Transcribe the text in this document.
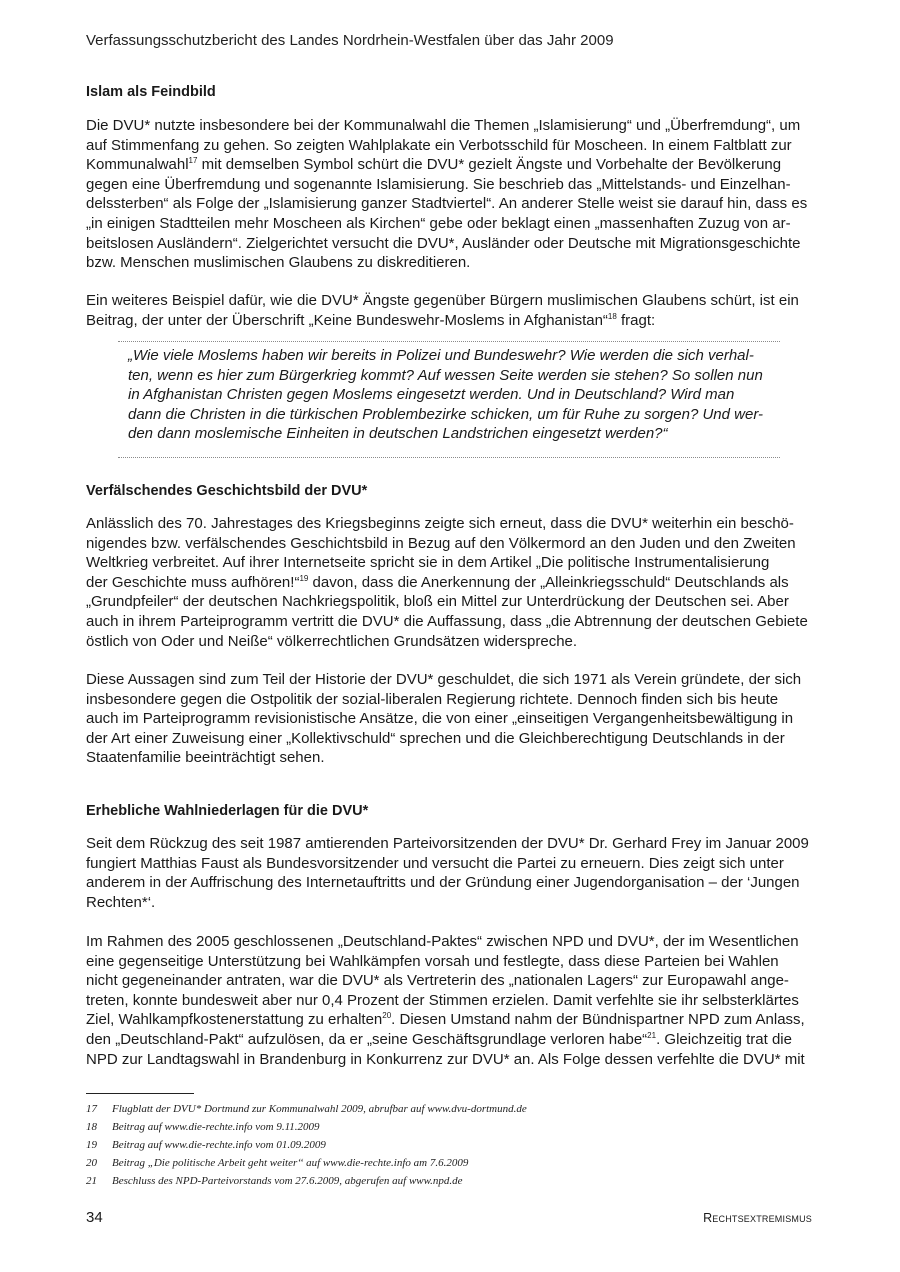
Verfassungsschutzbericht des Landes Nordrhein-Westfalen über das Jahr 2009
Islam als Feindbild
Die DVU* nutzte insbesondere bei der Kommunalwahl die Themen „Islamisierung“ und „Überfremdung“, um
auf Stimmenfang zu gehen. So zeigten Wahlplakate ein Verbotsschild für Moscheen. In einem Faltblatt zur
Kommunalwahl$^{17}$ mit demselben Symbol schürt die DVU* gezielt Ängste und Vorbehalte der Bevölkerung
gegen eine Überfremdung und sogenannte Islamisierung. Sie beschrieb das „Mittelstands- und Einzelhan-
delssterben“ als Folge der „Islamisierung ganzer Stadtviertel“. An anderer Stelle weist sie darauf hin, dass es
„in einigen Stadtteilen mehr Moscheen als Kirchen“ gebe oder beklagt einen „massenhaften Zuzug von ar-
beitslosen Ausländern“. Zielgerichtet versucht die DVU*, Ausländer oder Deutsche mit Migrationsgeschichte
bzw. Menschen muslimischen Glaubens zu diskreditieren.
Ein weiteres Beispiel dafür, wie die DVU* Ängste gegenüber Bürgern muslimischen Glaubens schürt, ist ein
Beitrag, der unter der Überschrift „Keine Bundeswehr-Moslems in Afghanistan“$^{18}$ fragt:
„Wie viele Moslems haben wir bereits in Polizei und Bundeswehr? Wie werden die sich verhal-
ten, wenn es hier zum Bürgerkrieg kommt? Auf wessen Seite werden sie stehen? So sollen nun
in Afghanistan Christen gegen Moslems eingesetzt werden. Und in Deutschland? Wird man
dann die Christen in die türkischen Problembezirke schicken, um für Ruhe zu sorgen? Und wer-
den dann moslemische Einheiten in deutschen Landstrichen eingesetzt werden?“
Verfälschendes Geschichtsbild der DVU*
Anlässlich des 70. Jahrestages des Kriegsbeginns zeigte sich erneut, dass die DVU* weiterhin ein beschö-
nigendes bzw. verfälschendes Geschichtsbild in Bezug auf den Völkermord an den Juden und den Zweiten
Weltkrieg verbreitet. Auf ihrer Internetseite spricht sie in dem Artikel „Die politische Instrumentalisierung
der Geschichte muss aufhören!“$^{19}$ davon, dass die Anerkennung der „Alleinkriegsschuld“ Deutschlands als
„Grundpfeiler“ der deutschen Nachkriegspolitik, bloß ein Mittel zur Unterdrückung der Deutschen sei. Aber
auch in ihrem Parteiprogramm vertritt die DVU* die Auffassung, dass „die Abtrennung der deutschen Gebiete
östlich von Oder und Neiße“ völkerrechtlichen Grundsätzen widerspreche.
Diese Aussagen sind zum Teil der Historie der DVU* geschuldet, die sich 1971 als Verein gründete, der sich
insbesondere gegen die Ostpolitik der sozial-liberalen Regierung richtete. Dennoch finden sich bis heute
auch im Parteiprogramm revisionistische Ansätze, die von einer „einseitigen Vergangenheitsbewältigung in
der Art einer Zuweisung einer „Kollektivschuld“ sprechen und die Gleichberechtigung Deutschlands in der
Staatenfamilie beeinträchtigt sehen.
Erhebliche Wahlniederlagen für die DVU*
Seit dem Rückzug des seit 1987 amtierenden Parteivorsitzenden der DVU* Dr. Gerhard Frey im Januar 2009
fungiert Matthias Faust als Bundesvorsitzender und versucht die Partei zu erneuern. Dies zeigt sich unter
anderem in der Auffrischung des Internetauftritts und der Gründung einer Jugendorganisation – der ‘Jungen
Rechten*‘.
Im Rahmen des 2005 geschlossenen „Deutschland-Paktes“ zwischen NPD und DVU*, der im Wesentlichen
eine gegenseitige Unterstützung bei Wahlkämpfen vorsah und festlegte, dass diese Parteien bei Wahlen
nicht gegeneinander antraten, war die DVU* als Vertreterin des „nationalen Lagers“ zur Europawahl ange-
treten, konnte bundesweit aber nur 0,4 Prozent der Stimmen erzielen. Damit verfehlte sie ihr selbsterklärtes
Ziel, Wahlkampfkostenerstattung zu erhalten$^{20}$. Diesen Umstand nahm der Bündnispartner NPD zum Anlass,
den „Deutschland-Pakt“ aufzulösen, da er „seine Geschäftsgrundlage verloren habe“$^{21}$. Gleichzeitig trat die
NPD zur Landtagswahl in Brandenburg in Konkurrenz zur DVU* an. Als Folge dessen verfehlte die DVU* mit
17 Flugblatt der DVU* Dortmund zur Kommunalwahl 2009, abrufbar auf www.dvu-dortmund.de
18 Beitrag auf www.die-rechte.info vom 9.11.2009
19 Beitrag auf www.die-rechte.info vom 01.09.2009
20 Beitrag „Die politische Arbeit geht weiter‘‘ auf www.die-rechte.info am 7.6.2009
21 Beschluss des NPD-Parteivorstands vom 27.6.2009, abgerufen auf www.npd.de
34	Rechtsextremismus
